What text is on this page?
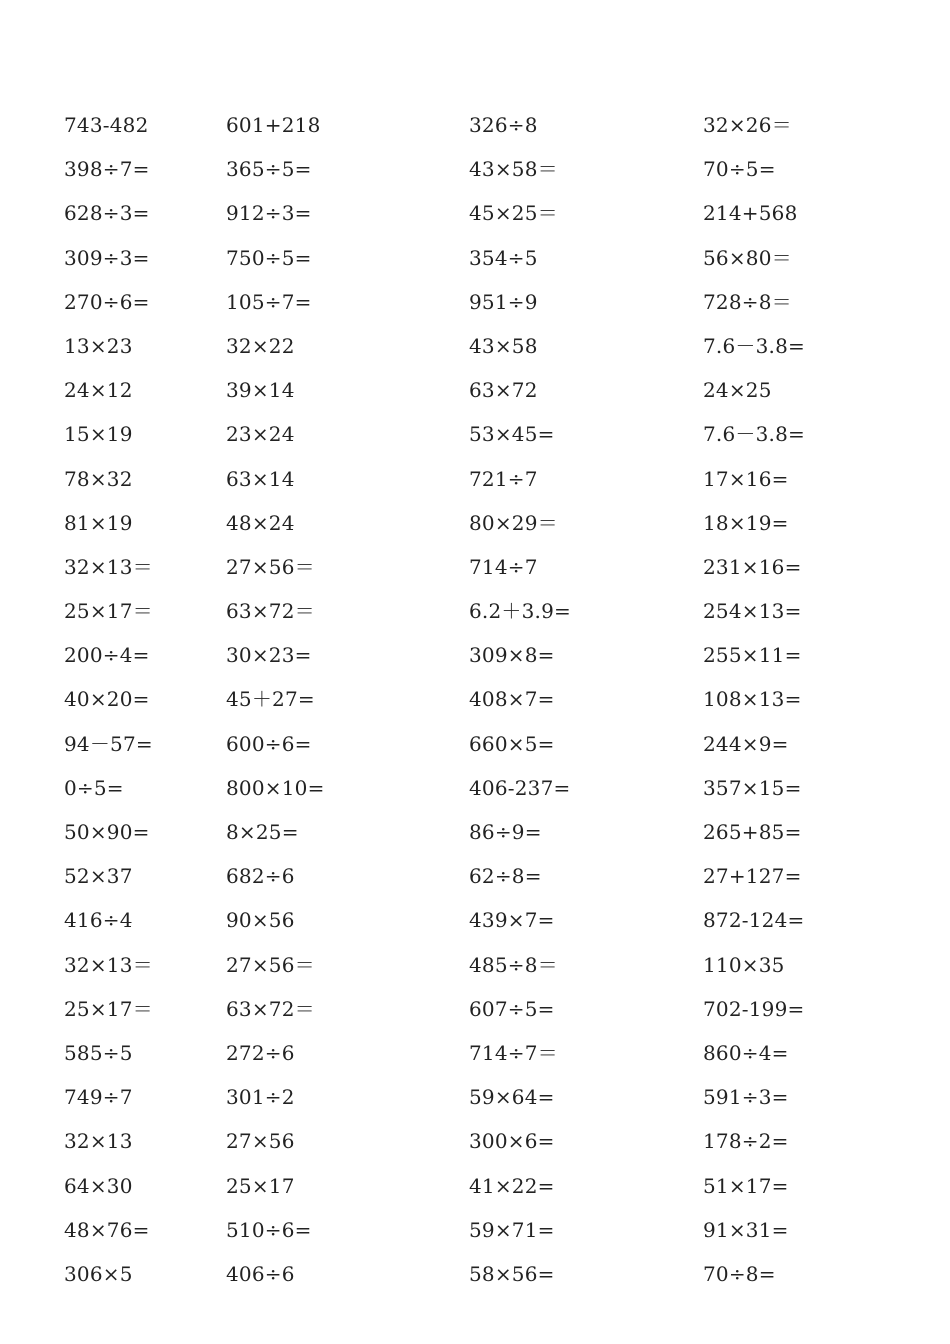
743-482	601+218	326÷8	32×26＝
398÷7=	365÷5=	43×58＝	70÷5=
628÷3=	912÷3=	45×25＝	214+568
309÷3=	750÷5=	354÷5	56×80＝
270÷6=	105÷7=	951÷9	728÷8＝
13×23	32×22	43×58	7.6－3.8=
24×12	39×14	63×72	24×25
15×19	23×24	53×45=	7.6－3.8=
78×32	63×14	721÷7	17×16=
81×19	48×24	80×29＝	18×19=
32×13＝	27×56＝	714÷7	231×16=
25×17＝	63×72＝	6.2＋3.9=	254×13=
200÷4=	30×23=	309×8=	255×11=
40×20=	45＋27=	408×7=	108×13=
94－57=	600÷6=	660×5=	244×9=
0÷5=	800×10=	406-237=	357×15=
50×90=	8×25=	86÷9=	265+85=
52×37	682÷6	62÷8=	27+127=
416÷4	90×56	439×7=	872-124=
32×13＝	27×56＝	485÷8＝	110×35
25×17＝	63×72＝	607÷5=	702-199=
585÷5	272÷6	714÷7＝	860÷4=
749÷7	301÷2	59×64=	591÷3=
32×13	27×56	300×6=	178÷2=
64×30	25×17	41×22=	51×17=
48×76=	510÷6=	59×71=	91×31=
306×5	406÷6	58×56=	70÷8=
